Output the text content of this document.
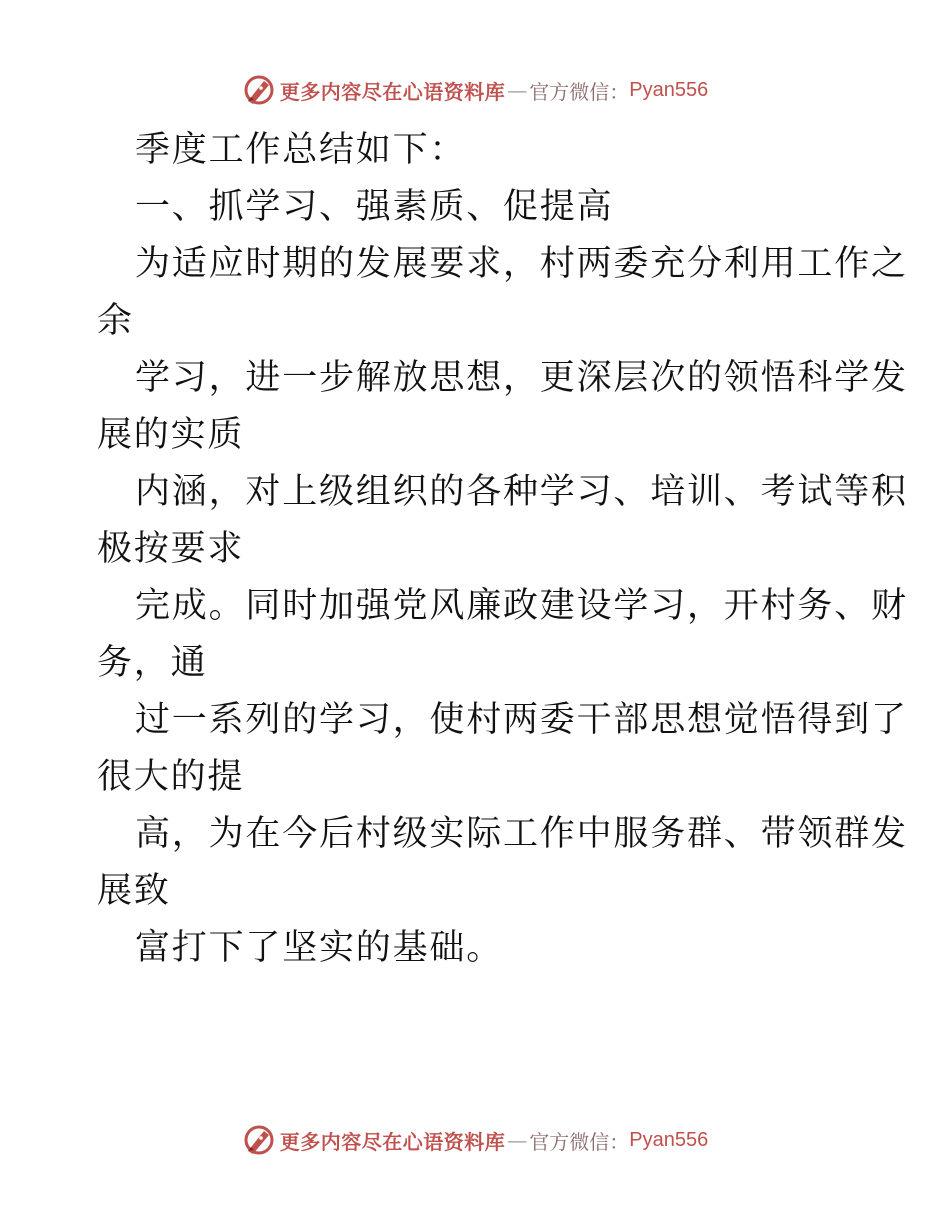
更多内容尽在心语资料库 — 官方微信： Pyan556
季度工作总结如下：
一、抓学习、强素质、促提高
为适应时期的发展要求，村两委充分利用工作之
余
学习，进一步解放思想，更深层次的领悟科学发
展的实质
内涵，对上级组织的各种学习、培训、考试等积
极按要求
完成。同时加强党风廉政建设学习，开村务、财
务，通
过一系列的学习，使村两委干部思想觉悟得到了
很大的提
高，为在今后村级实际工作中服务群、带领群发
展致
富打下了坚实的基础。
更多内容尽在心语资料库 — 官方微信： Pyan556
